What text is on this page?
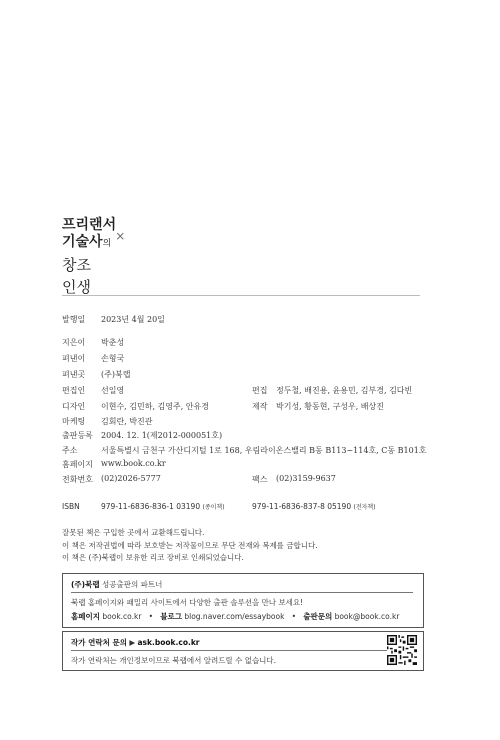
프리랜서
기술사의×
창조
인생
발행일 2023년 4월 20일
지은이 박춘성
펴낸이 손형국
펴낸곳 (주)북랩
편집인 선일영	편집 정두철, 배진용, 윤용민, 김부경, 김다빈
디자인 이현수, 김민하, 김영주, 안유경	제작 박기성, 황동현, 구성우, 배상진
마케팅 김회란, 박진관
출판등록 2004. 12. 1(제2012-000051호)
주소	서울특별시 금천구 가산디지털 1로 168, 우림라이온스밸리 B동 B113~114호, C동 B101호
홈페이지 www.book.co.kr
전화번호 (02)2026-5777	팩스 (02)3159-9637
ISBN	979-11-6836-836-1 03190 (종이책)	979-11-6836-837-8 05190 (전자책)
잘못된 책은 구입한 곳에서 교환해드립니다.
이 책은 저작권법에 따라 보호받는 저작물이므로 무단 전재와 복제를 금합니다.
이 책은 (주)북랩이 보유한 리코 장비로 인쇄되었습니다.
(주)북랩 성공출판의 파트너
북랩 홈페이지와 패밀리 사이트에서 다양한 출판 솔루션을 만나 보세요!
홈페이지 book.co.kr • 블로그 blog.naver.com/essaybook • 출판문의 book@book.co.kr
작가 연락처 문의 ▶ ask.book.co.kr
작가 연락처는 개인정보이므로 북랩에서 알려드릴 수 없습니다.
